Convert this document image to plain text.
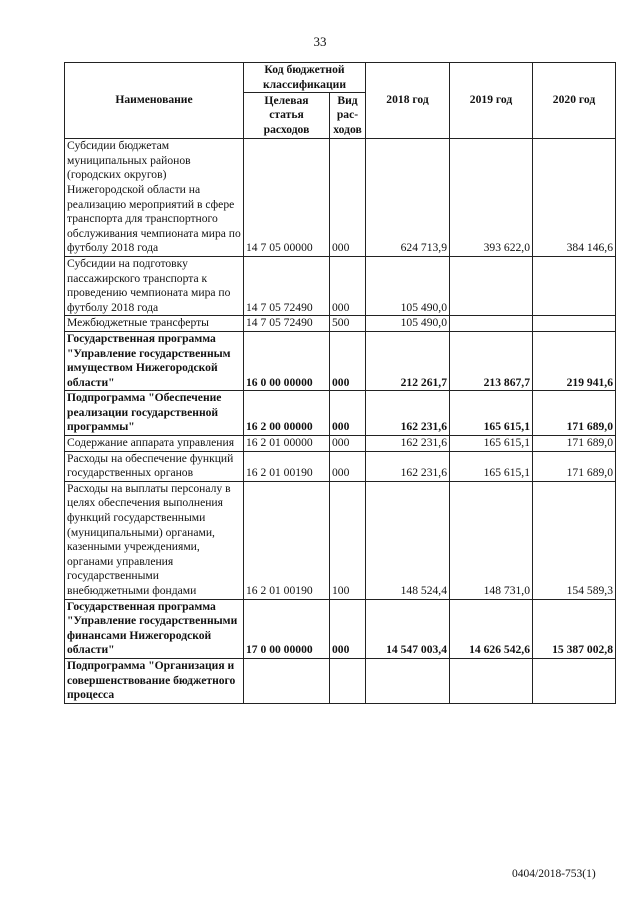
33
Наименование	Код бюджетной классификации		2018 год	2019 год	2020 год
	Целевая статья расходов	Вид рас-ходов			
Субсидии бюджетам муниципальных районов (городских округов) Нижегородской области на реализацию мероприятий в сфере транспорта для транспортного обслуживания чемпионата мира по футболу 2018 года	14 7 05 00000	000	624 713,9	393 622,0	384 146,6
Субсидии на подготовку пассажирского транспорта к проведению чемпионата мира по футболу 2018 года	14 7 05 72490	000	105 490,0		
Межбюджетные трансферты	14 7 05 72490	500	105 490,0		
Государственная программа "Управление государственным имуществом Нижегородской области"	16 0 00 00000	000	212 261,7	213 867,7	219 941,6
Подпрограмма "Обеспечение реализации государственной программы"	16 2 00 00000	000	162 231,6	165 615,1	171 689,0
Содержание аппарата управления	16 2 01 00000	000	162 231,6	165 615,1	171 689,0
Расходы на обеспечение функций государственных органов	16 2 01 00190	000	162 231,6	165 615,1	171 689,0
Расходы на выплаты персоналу в целях обеспечения выполнения функций государственными (муниципальными) органами, казенными учреждениями, органами управления государственными внебюджетными фондами	16 2 01 00190	100	148 524,4	148 731,0	154 589,3
Государственная программа "Управление государственными финансами Нижегородской области"	17 0 00 00000	000	14 547 003,4	14 626 542,6	15 387 002,8
Подпрограмма "Организация и совершенствование бюджетного процесса					
0404/2018-753(1)
